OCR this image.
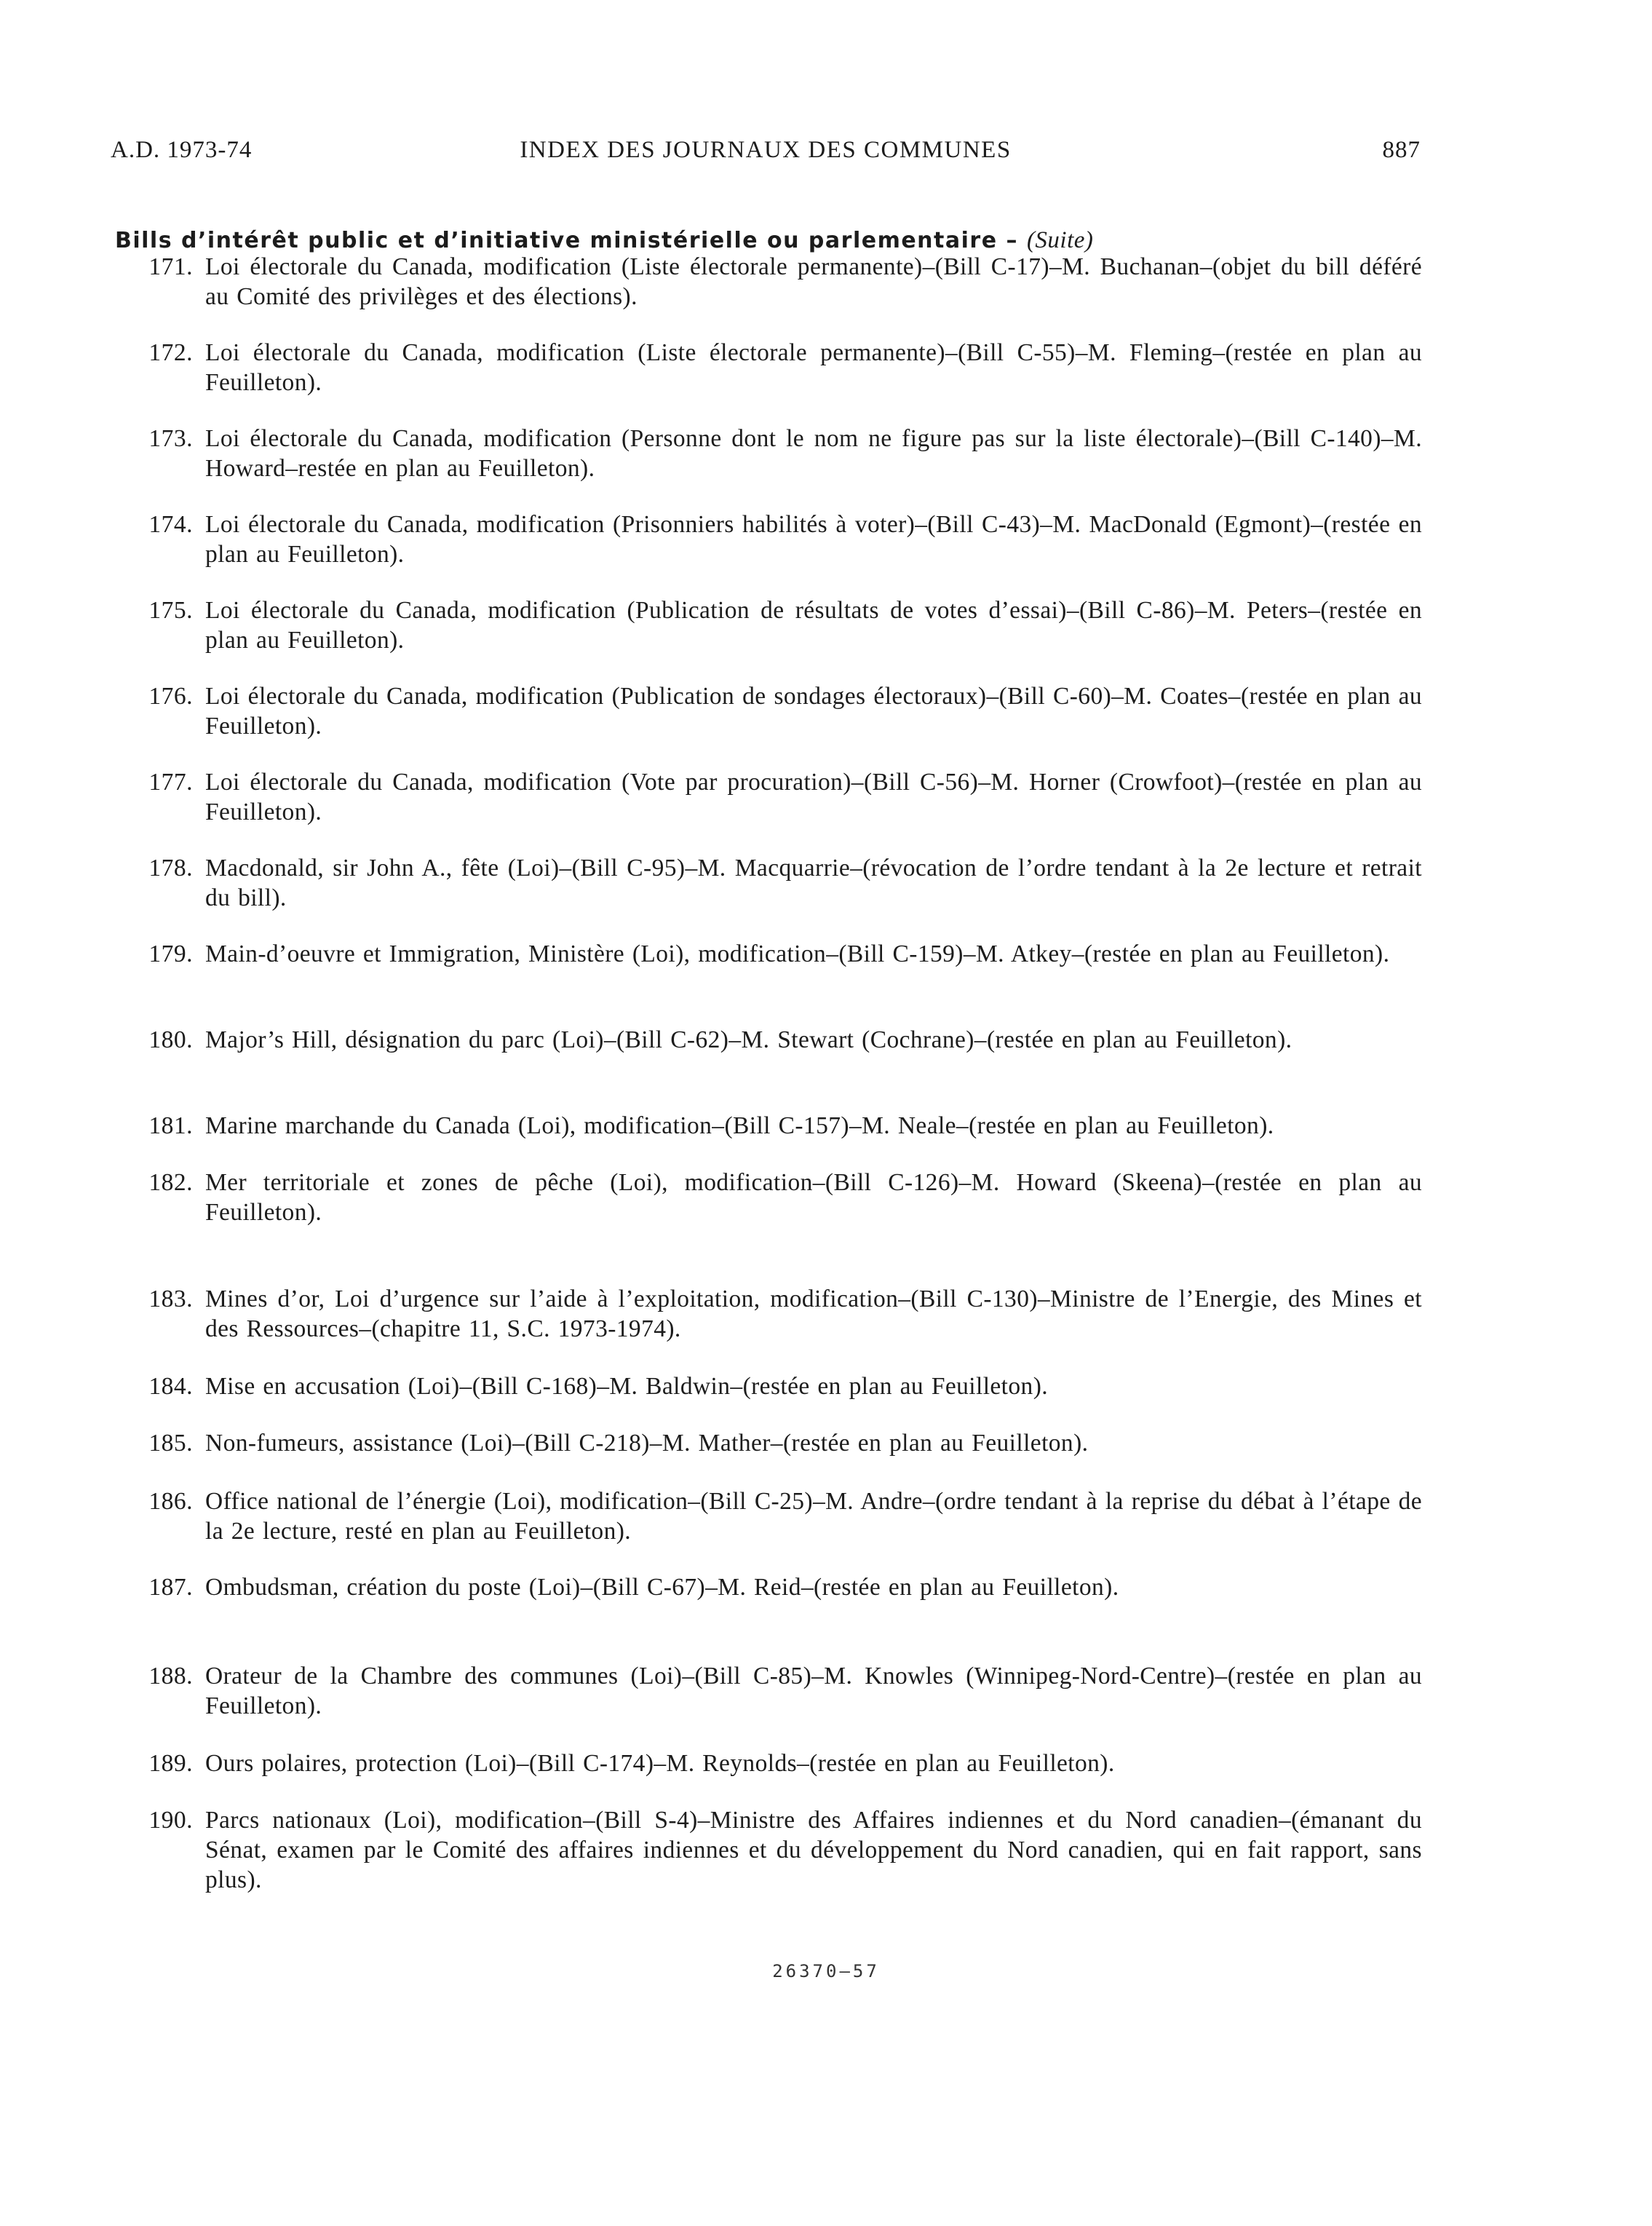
A.D. 1973-74	INDEX DES JOURNAUX DES COMMUNES	887
Bills d’intérêt public et d’initiative ministérielle ou parlementaire – (Suite)
171. Loi électorale du Canada, modification (Liste électorale permanente)–(Bill C-17)–M. Buchanan–(objet du bill déféré au Comité des privilèges et des élections).
172. Loi électorale du Canada, modification (Liste électorale permanente)–(Bill C-55)–M. Fleming–(restée en plan au Feuilleton).
173. Loi électorale du Canada, modification (Personne dont le nom ne figure pas sur la liste électorale)–(Bill C-140)–M. Howard–restée en plan au Feuilleton).
174. Loi électorale du Canada, modification (Prisonniers habilités à voter)–(Bill C-43)–M. MacDonald (Egmont)–(restée en plan au Feuilleton).
175. Loi électorale du Canada, modification (Publication de résultats de votes d’essai)–(Bill C-86)–M. Peters–(restée en plan au Feuilleton).
176. Loi électorale du Canada, modification (Publication de sondages électoraux)–(Bill C-60)–M. Coates–(restée en plan au Feuilleton).
177. Loi électorale du Canada, modification (Vote par procuration)–(Bill C-56)–M. Horner (Crowfoot)–(restée en plan au Feuilleton).
178. Macdonald, sir John A., fête (Loi)–(Bill C-95)–M. Macquarrie–(révocation de l’ordre tendant à la 2e lecture et retrait du bill).
179. Main-d’oeuvre et Immigration, Ministère (Loi), modification–(Bill C-159)–M. Atkey–(restée en plan au Feuilleton).
180. Major’s Hill, désignation du parc (Loi)–(Bill C-62)–M. Stewart (Cochrane)–(restée en plan au Feuilleton).
181. Marine marchande du Canada (Loi), modification–(Bill C-157)–M. Neale–(restée en plan au Feuilleton).
182. Mer territoriale et zones de pêche (Loi), modification–(Bill C-126)–M. Howard (Skeena)–(restée en plan au Feuilleton).
183. Mines d’or, Loi d’urgence sur l’aide à l’exploitation, modification–(Bill C-130)–Ministre de l’Energie, des Mines et des Ressources–(chapitre 11, S.C. 1973-1974).
184. Mise en accusation (Loi)–(Bill C-168)–M. Baldwin–(restée en plan au Feuilleton).
185. Non-fumeurs, assistance (Loi)–(Bill C-218)–M. Mather–(restée en plan au Feuilleton).
186. Office national de l’énergie (Loi), modification–(Bill C-25)–M. Andre–(ordre tendant à la reprise du débat à l’étape de la 2e lecture, resté en plan au Feuilleton).
187. Ombudsman, création du poste (Loi)–(Bill C-67)–M. Reid–(restée en plan au Feuilleton).
188. Orateur de la Chambre des communes (Loi)–(Bill C-85)–M. Knowles (Winnipeg-Nord-Centre)–(restée en plan au Feuilleton).
189. Ours polaires, protection (Loi)–(Bill C-174)–M. Reynolds–(restée en plan au Feuilleton).
190. Parcs nationaux (Loi), modification–(Bill S-4)–Ministre des Affaires indiennes et du Nord canadien–(émanant du Sénat, examen par le Comité des affaires indiennes et du développement du Nord canadien, qui en fait rapport, sans plus).
26370–57
